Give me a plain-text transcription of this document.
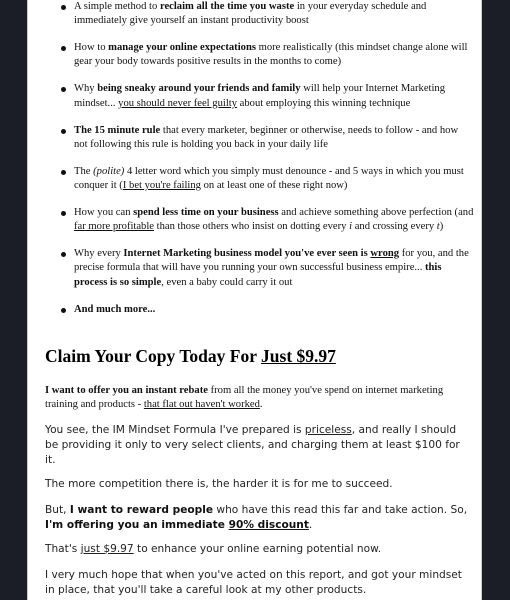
A simple method to reclaim all the time you waste in your everyday schedule and immediately give yourself an instant productivity boost
How to manage your online expectations more realistically (this mindset change alone will gear your body towards positive results in the months to come)
Why being sneaky around your friends and family will help your Internet Marketing mindset... you should never feel guilty about employing this winning technique
The 15 minute rule that every marketer, beginner or otherwise, needs to follow - and how not following this rule is holding you back in your daily life
The (polite) 4 letter word which you simply must denounce - and 5 ways in which you must conquer it (I bet you're failing on at least one of these right now)
How you can spend less time on your business and achieve something above perfection (and far more profitable than those others who insist on dotting every i and crossing every t)
Why every Internet Marketing business model you've ever seen is wrong for you, and the precise formula that will have you running your own successful business empire... this process is so simple, even a baby could carry it out
And much more...
Claim Your Copy Today For Just $9.97

I want to offer you an instant rebate from all the money you've spend on internet marketing training and products - that flat out haven't worked.

You see, the IM Mindset Formula I've prepared is priceless, and really I should be providing it only to very select clients, and charging them at least $100 for it.

The more competition there is, the harder it is for me to succeed.

But, I want to reward people who have this read this far and take action. So, I'm offering you an immediate 90% discount.

That's just $9.97 to enhance your online earning potential now.

I very much hope that when you've acted on this report, and got your mindset in place, that you'll take a careful look at my other products.
